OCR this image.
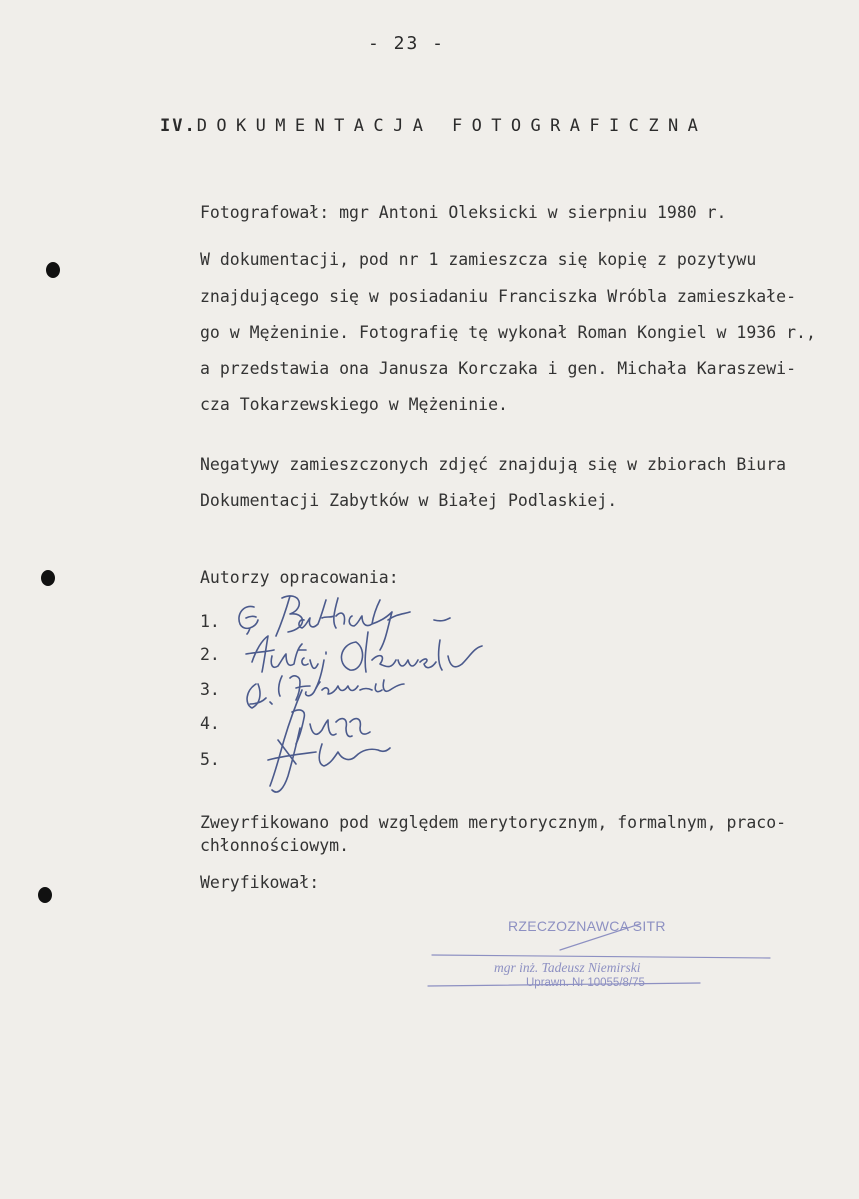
- 23 -
IV.DOKUMENTACJA FOTOGRAFICZNA
Fotografował: mgr Antoni Oleksicki w sierpniu 1980 r.
W dokumentacji, pod nr 1 zamieszcza się kopię z pozytywu
znajdującego się w posiadaniu Franciszka Wróbla zamieszkałe-
go w Mężeninie. Fotografię tę wykonał Roman Kongiel w 1936 r.,
a przedstawia ona Janusza Korczaka i gen. Michała Karaszewi-
cza Tokarzewskiego w Mężeninie.
Negatywy zamieszczonych zdjęć znajdują się w zbiorach Biura
Dokumentacji Zabytków w Białej Podlaskiej.
Autorzy opracowania:
1.
2.
3.
4.
5.
Zweyrfikowano pod względem merytorycznym, formalnym, praco-
chłonnościowym.
Weryfikował:
RZECZOZNAWCA SITR
mgr inż. Tadeusz Niemirski
Uprawn. Nr 10055/8/75
